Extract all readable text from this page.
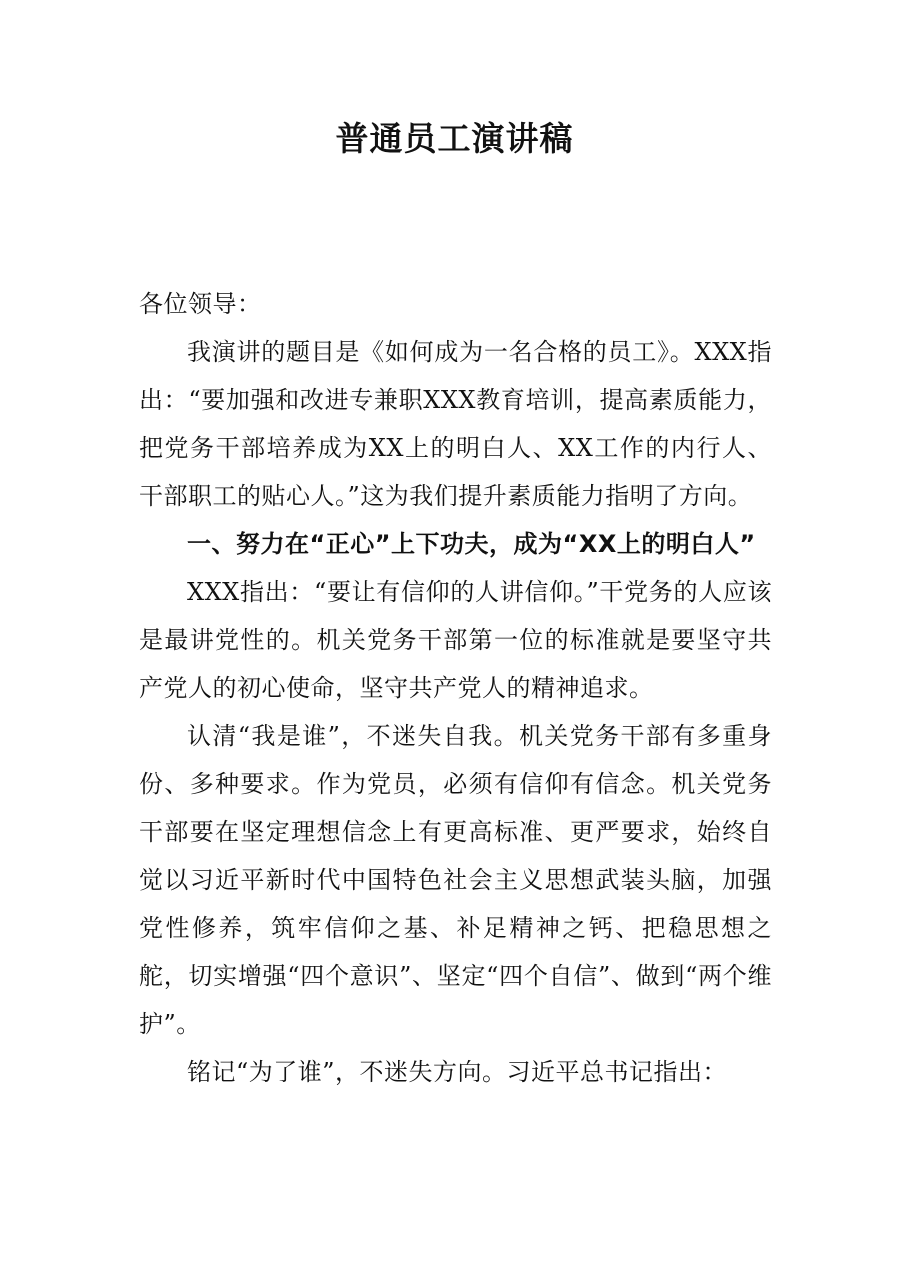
普通员工演讲稿

各位领导：

我演讲的题目是《如何成为一名合格的员工》。XXX指出：“要加强和改进专兼职XXX教育培训，提高素质能力，把党务干部培养成为XX上的明白人、XX工作的内行人、干部职工的贴心人。”这为我们提升素质能力指明了方向。

一、努力在“正心”上下功夫，成为“XX上的明白人”

XXX指出：“要让有信仰的人讲信仰。”干党务的人应该是最讲党性的。机关党务干部第一位的标准就是要坚守共产党人的初心使命，坚守共产党人的精神追求。

认清“我是谁”，不迷失自我。机关党务干部有多重身份、多种要求。作为党员，必须有信仰有信念。机关党务干部要在坚定理想信念上有更高标准、更严要求，始终自觉以习近平新时代中国特色社会主义思想武装头脑，加强党性修养，筑牢信仰之基、补足精神之钙、把稳思想之舵，切实增强“四个意识”、坚定“四个自信”、做到“两个维护”。

铭记“为了谁”，不迷失方向。习近平总书记指出：
